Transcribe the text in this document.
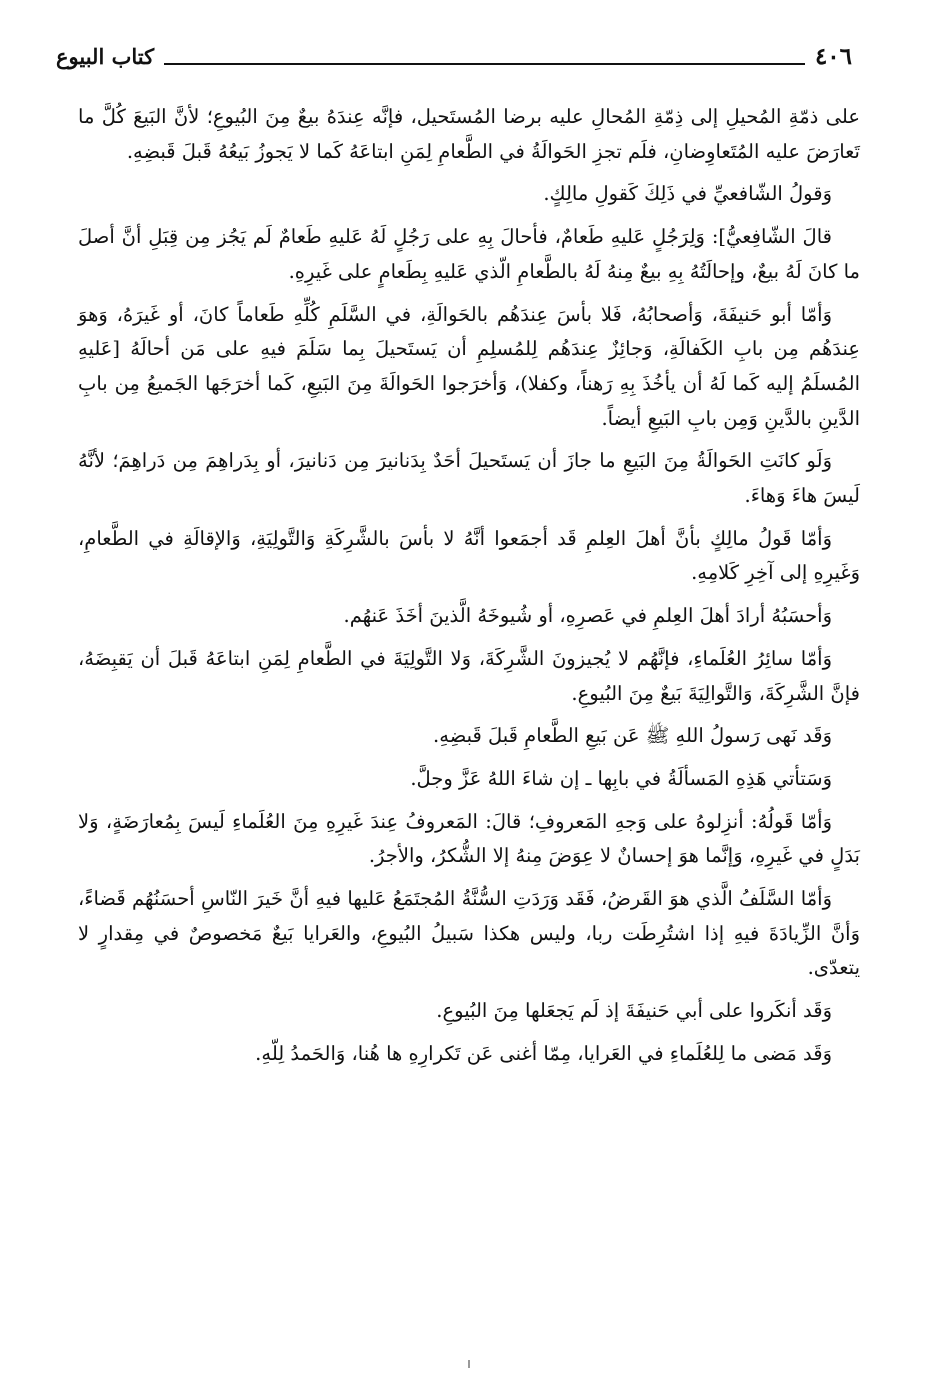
٤٠٦
كتاب البيوع

على ذمّةِ المُحيلِ إلى ذِمّةِ المُحالِ عليه برضا المُستَحيل، فإنَّه عِندَهُ بيعٌ مِنَ البُيوعِ؛ لأنَّ البَيعَ كُلَّ ما تَعارَضَ عليه المُتَعاوِضانِ، فلَم تجزِ الحَوالَةُ في الطَّعامِ لِمَنِ ابتاعَهُ كَما لا يَجوزُ بَيعُهُ قَبلَ قَبضِهِ.

وَقولُ الشّافعيِّ في ذَلِكَ كَقولِ مالِكٍ.

قالَ الشّافِعيُّ]: وَلِرَجُلٍ عَليهِ طَعامٌ، فأحالَ بِهِ على رَجُلٍ لَهُ عَليهِ طَعامٌ لَم يَجُز مِن قِبَلِ أنَّ أصلَ ما كانَ لَهُ بيعٌ، وإحالَتُهُ بِهِ بيعٌ مِنهُ لَهُ بالطَّعامِ الّذي عَليهِ بِطَعامٍ على غَيرِهِ.

وَأمّا أبو حَنيفَةَ، وَأصحابُهُ، فَلا بأسَ عِندَهُم بالحَوالَةِ، في السَّلَمِ كُلِّهِ طَعاماً كانَ، أو غَيرَهُ، وَهوَ عِندَهُم مِن بابِ الكَفالَةِ، وَجائِزٌ عِندَهُم لِلمُسلِمِ أن يَستَحيلَ بِما سَلَمَ فيهِ على مَن أحالَهُ [عَليهِ المُسلَمُ إليه كَما لَهُ أن يأخُذَ بِهِ رَهناً، وكفلا)، وَأخرَجوا الحَوالَةَ مِنَ البَيعِ، كَما أخرَجَها الجَميعُ مِن بابِ الدَّينِ بالدَّينِ وَمِن بابِ البَيعِ أيضاً.

وَلَو كانَتِ الحَوالَةُ مِنَ البَيعِ ما جازَ أن يَستَحيلَ أحَدٌ بِدَنانيرَ مِن دَنانيرَ، أو بِدَراهِمَ مِن دَراهِمَ؛ لأنَّهُ لَيسَ هاءَ وَهاءَ.

وَأمّا قَولُ مالِكٍ بأنَّ أهلَ العِلمِ قَد أجمَعوا أنَّهُ لا بأسَ بالشَّرِكَةِ وَالتَّولِيَةِ، وَالإقالَةِ في الطَّعامِ، وَغَيرِهِ إلى آخِرِ كَلامِهِ.

وَأحسَبُهُ أرادَ أهلَ العِلمِ في عَصرِهِ، أو شُيوخَهُ الَّذينَ أخَذَ عَنهُم.

وَأمّا سائِرُ العُلَماءِ، فإنَّهُم لا يُجيزونَ الشَّرِكَةَ، وَلا التَّولِيَةَ في الطَّعامِ لِمَنِ ابتاعَهُ قَبلَ أن يَقبِضَهُ، فإنَّ الشَّرِكَةَ، وَالتَّوالِيَةَ بَيعٌ مِنَ البُيوعِ.

وَقَد نَهى رَسولُ اللهِ ﷺ عَن بَيعِ الطَّعامِ قَبلَ قَبضِهِ.

وَسَتأتي هَذِهِ المَسألَةُ في بابِها ـ إن شاءَ اللهُ عَزَّ وجلَّ.

وَأمّا قَولُهُ: أنزِلوهُ على وَجهِ المَعروفِ؛ قالَ: المَعروفُ عِندَ غَيرِهِ مِنَ العُلَماءِ لَيسَ بِمُعارَضَةٍ، وَلا بَدَلٍ في غَيرِهِ، وَإنَّما هوَ إحسانٌ لا عِوَضَ مِنهُ إلا الشُّكرُ، والأجرُ.

وَأمّا السَّلَفُ الَّذي هوَ القَرضُ، فَقَد وَرَدَتِ السُّنَّةُ المُجتَمَعُ عَليها فيهِ أنَّ خَيرَ النّاسِ أحسَنُهُم قَضاءً، وَأنَّ الزِّيادَةَ فيهِ إذا اشتُرِطَت ربا، وليس هكذا سَبيلُ البُيوعِ، والعَرايا بَيعٌ مَخصوصٌ في مِقدارٍ لا يتعدّى.

وَقَد أنكَروا على أبي حَنيفَةَ إذ لَم يَجعَلها مِنَ البُيوعِ.

وَقَد مَضى ما لِلعُلَماءِ في العَرايا، مِمّا أغنى عَن تَكرارِهِ ها هُنا، وَالحَمدُ لِلّهِ.
